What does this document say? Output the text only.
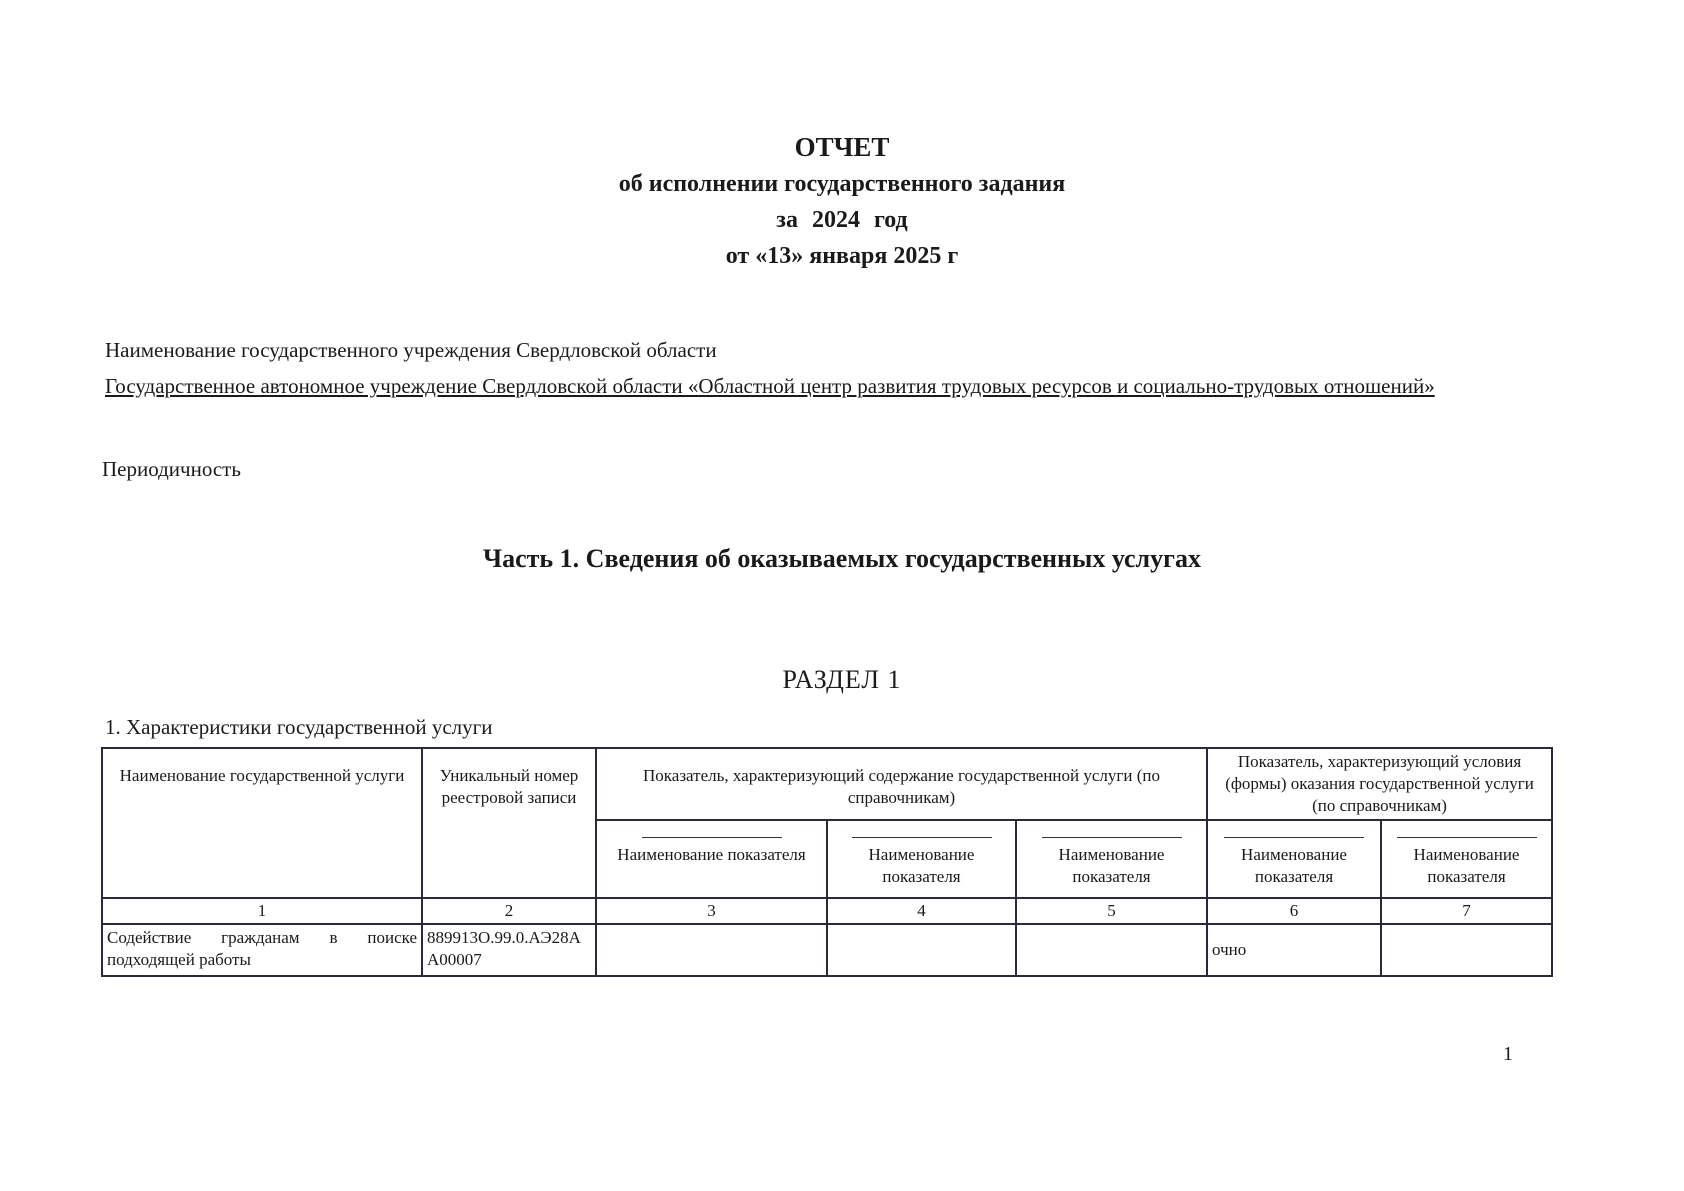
ОТЧЕТ
об исполнении государственного задания
за 2024 год
от «13» января 2025 г
Наименование государственного учреждения Свердловской области
Государственное автономное учреждение Свердловской области «Областной центр развития трудовых ресурсов и социально-трудовых отношений»
Периодичность
Часть 1. Сведения об оказываемых государственных услугах
РАЗДЕЛ 1
1. Характеристики государственной услуги
Наименование государственной услуги	Уникальный номер реестровой записи	Показатель, характеризующий содержание государственной услуги (по справочникам)			Показатель, характеризующий условия (формы) оказания государственной услуги (по справочникам)	

Наименование показателя	Наименование показателя	Наименование показателя	Наименование показателя	Наименование показателя
1	2	3	4	5	6	7
Содействие гражданам в поиске подходящей работы	889913О.99.0.АЭ28АА00007				очно	
1
